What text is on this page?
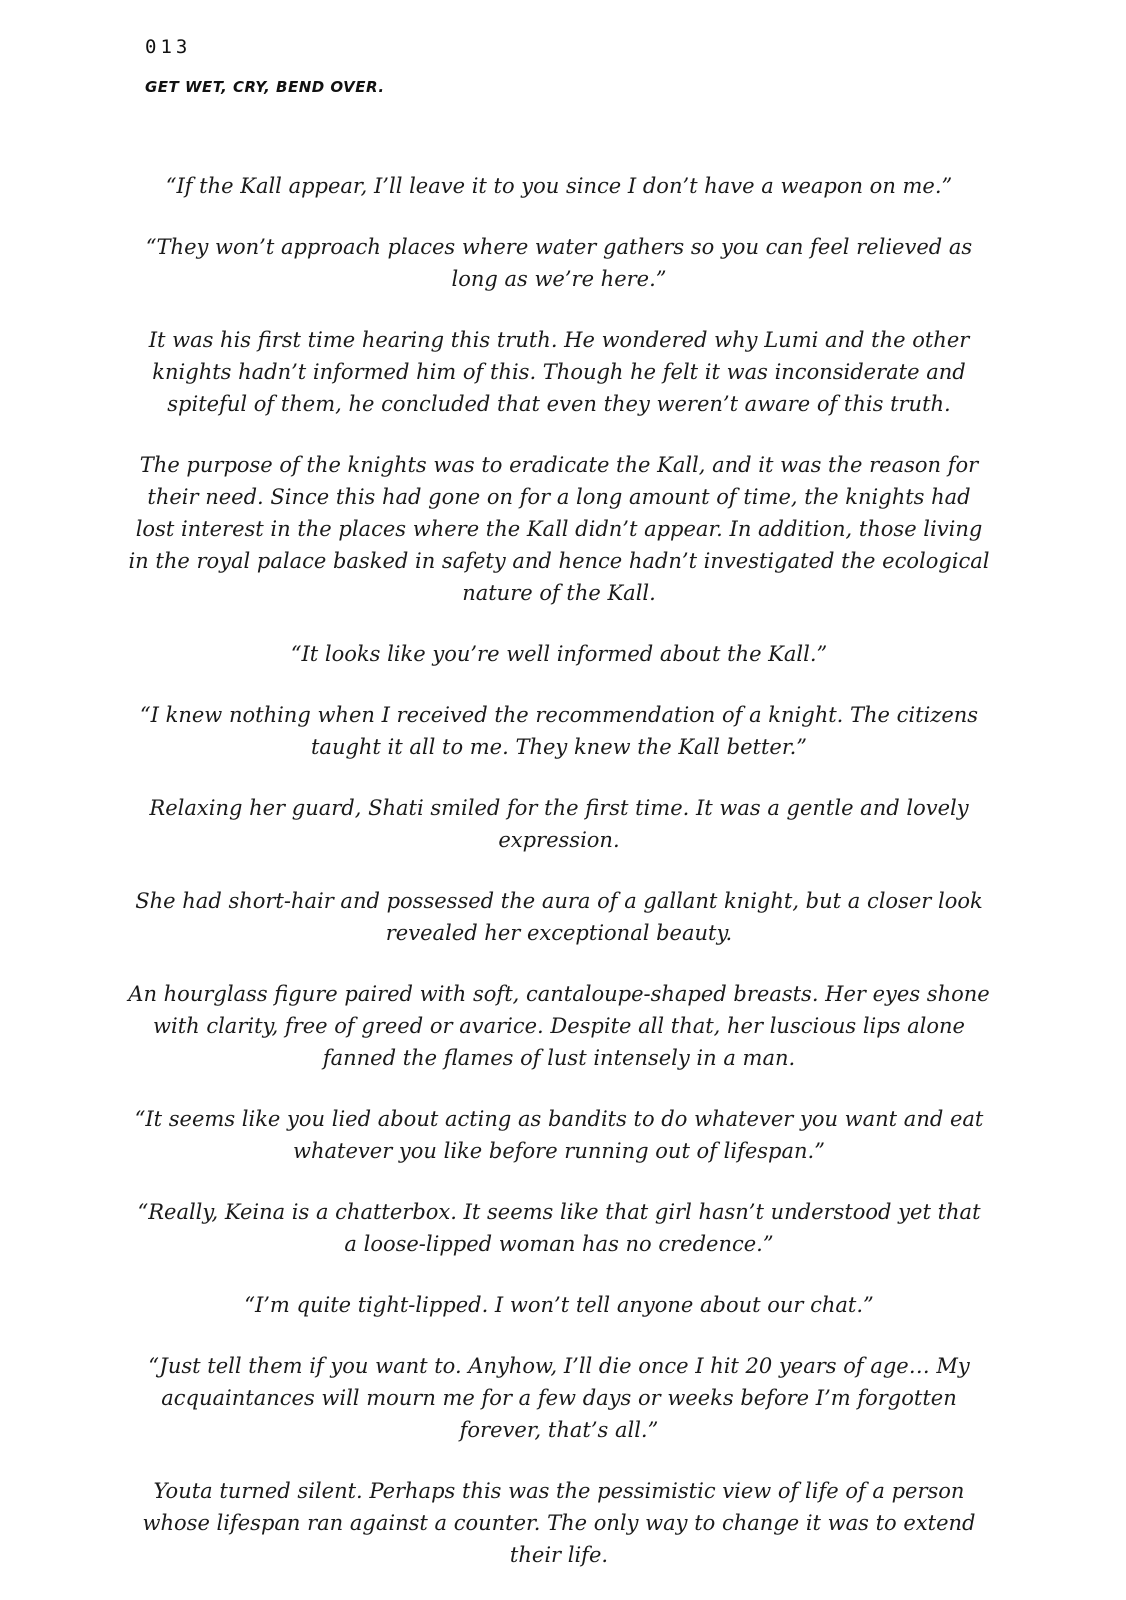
013
GET WET, CRY, BEND OVER.

“If the Kall appear, I’ll leave it to you since I don’t have a weapon on me.”

“They won’t approach places where water gathers so you can feel relieved as long as we’re here.”

It was his first time hearing this truth. He wondered why Lumi and the other knights hadn’t informed him of this. Though he felt it was inconsiderate and spiteful of them, he concluded that even they weren’t aware of this truth.

The purpose of the knights was to eradicate the Kall, and it was the reason for their need. Since this had gone on for a long amount of time, the knights had lost interest in the places where the Kall didn’t appear. In addition, those living in the royal palace basked in safety and hence hadn’t investigated the ecological nature of the Kall.

“It looks like you’re well informed about the Kall.”

“I knew nothing when I received the recommendation of a knight. The citizens taught it all to me. They knew the Kall better.”

Relaxing her guard, Shati smiled for the first time. It was a gentle and lovely expression.

She had short-hair and possessed the aura of a gallant knight, but a closer look revealed her exceptional beauty.

An hourglass figure paired with soft, cantaloupe-shaped breasts. Her eyes shone with clarity, free of greed or avarice. Despite all that, her luscious lips alone fanned the flames of lust intensely in a man.

“It seems like you lied about acting as bandits to do whatever you want and eat whatever you like before running out of lifespan.”

“Really, Keina is a chatterbox. It seems like that girl hasn’t understood yet that a loose-lipped woman has no credence.”

“I’m quite tight-lipped. I won’t tell anyone about our chat.”

“Just tell them if you want to. Anyhow, I’ll die once I hit 20 years of age… My acquaintances will mourn me for a few days or weeks before I’m forgotten forever, that’s all.”

Youta turned silent. Perhaps this was the pessimistic view of life of a person whose lifespan ran against a counter. The only way to change it was to extend their life.
